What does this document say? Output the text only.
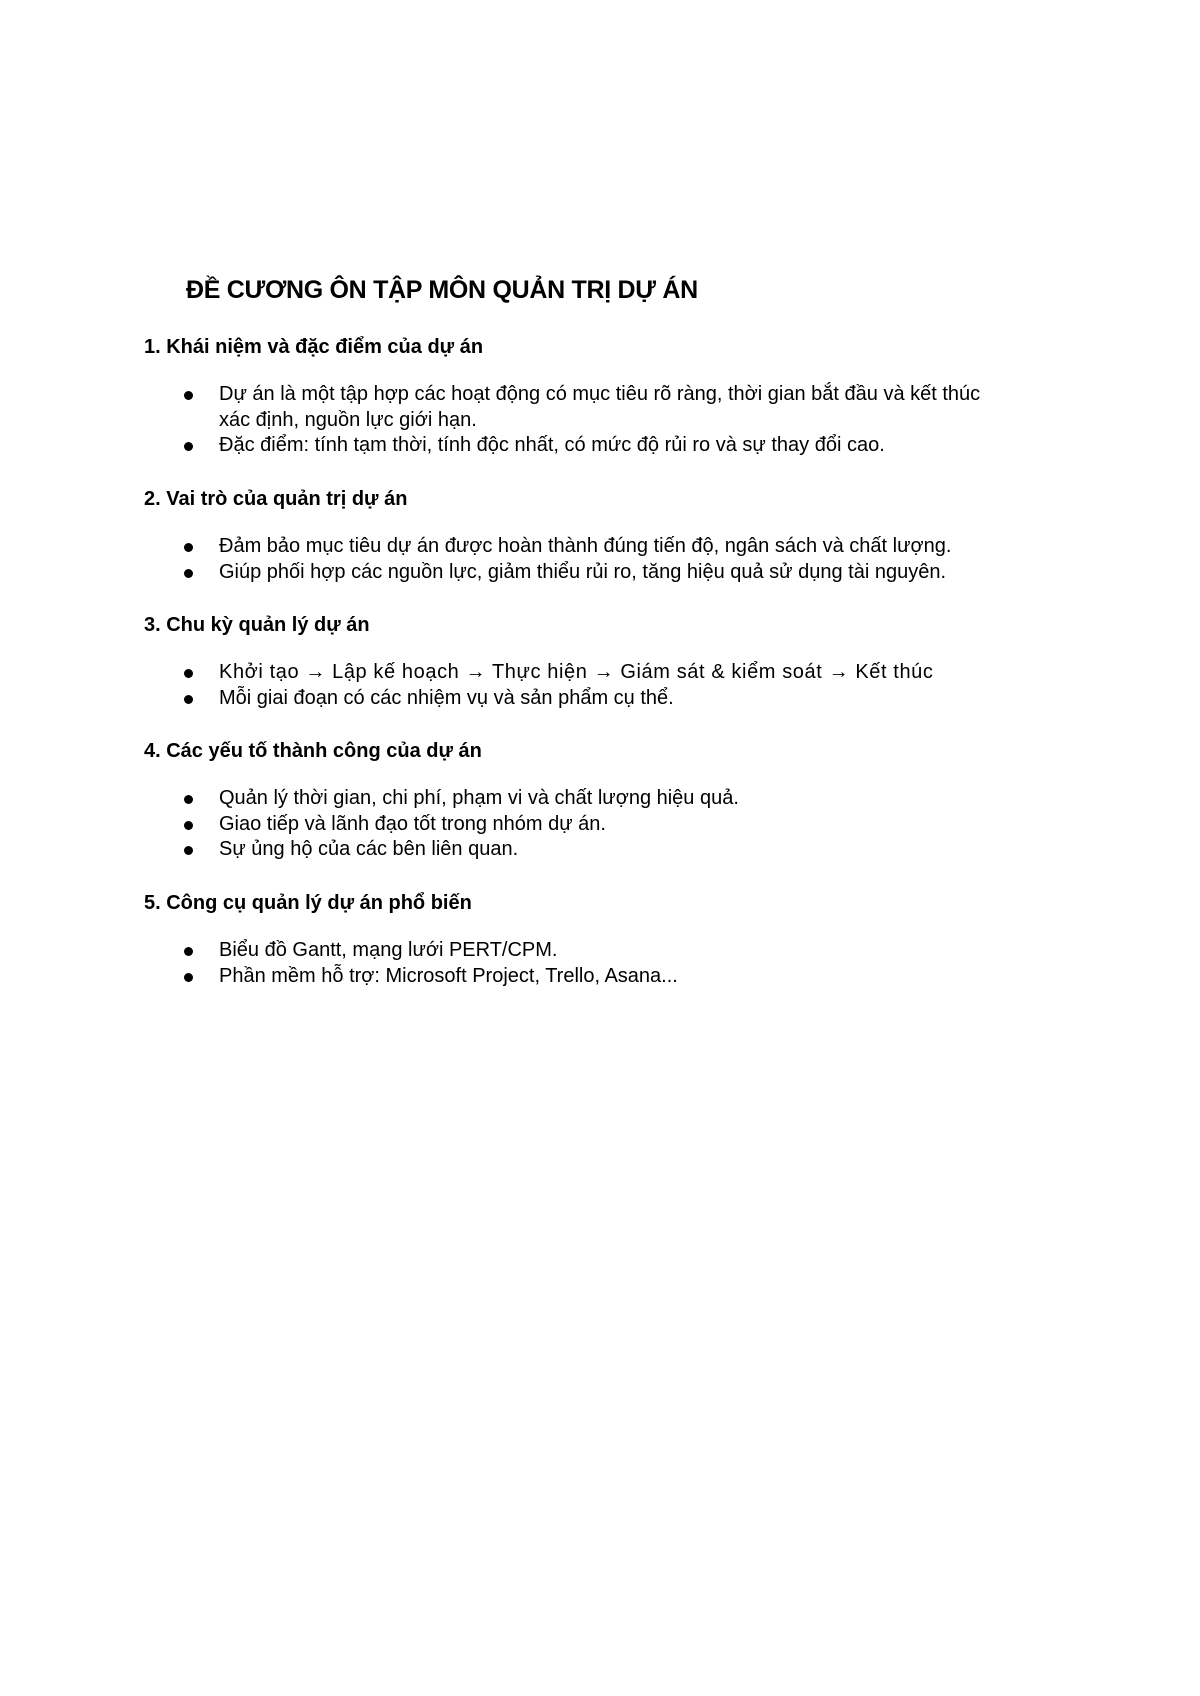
ĐỀ CƯƠNG ÔN TẬP MÔN QUẢN TRỊ DỰ ÁN
1. Khái niệm và đặc điểm của dự án
Dự án là một tập hợp các hoạt động có mục tiêu rõ ràng, thời gian bắt đầu và kết thúc xác định, nguồn lực giới hạn.
Đặc điểm: tính tạm thời, tính độc nhất, có mức độ rủi ro và sự thay đổi cao.
2. Vai trò của quản trị dự án
Đảm bảo mục tiêu dự án được hoàn thành đúng tiến độ, ngân sách và chất lượng.
Giúp phối hợp các nguồn lực, giảm thiểu rủi ro, tăng hiệu quả sử dụng tài nguyên.
3. Chu kỳ quản lý dự án
Khởi tạo → Lập kế hoạch → Thực hiện → Giám sát & kiểm soát → Kết thúc
Mỗi giai đoạn có các nhiệm vụ và sản phẩm cụ thể.
4. Các yếu tố thành công của dự án
Quản lý thời gian, chi phí, phạm vi và chất lượng hiệu quả.
Giao tiếp và lãnh đạo tốt trong nhóm dự án.
Sự ủng hộ của các bên liên quan.
5. Công cụ quản lý dự án phổ biến
Biểu đồ Gantt, mạng lưới PERT/CPM.
Phần mềm hỗ trợ: Microsoft Project, Trello, Asana...
